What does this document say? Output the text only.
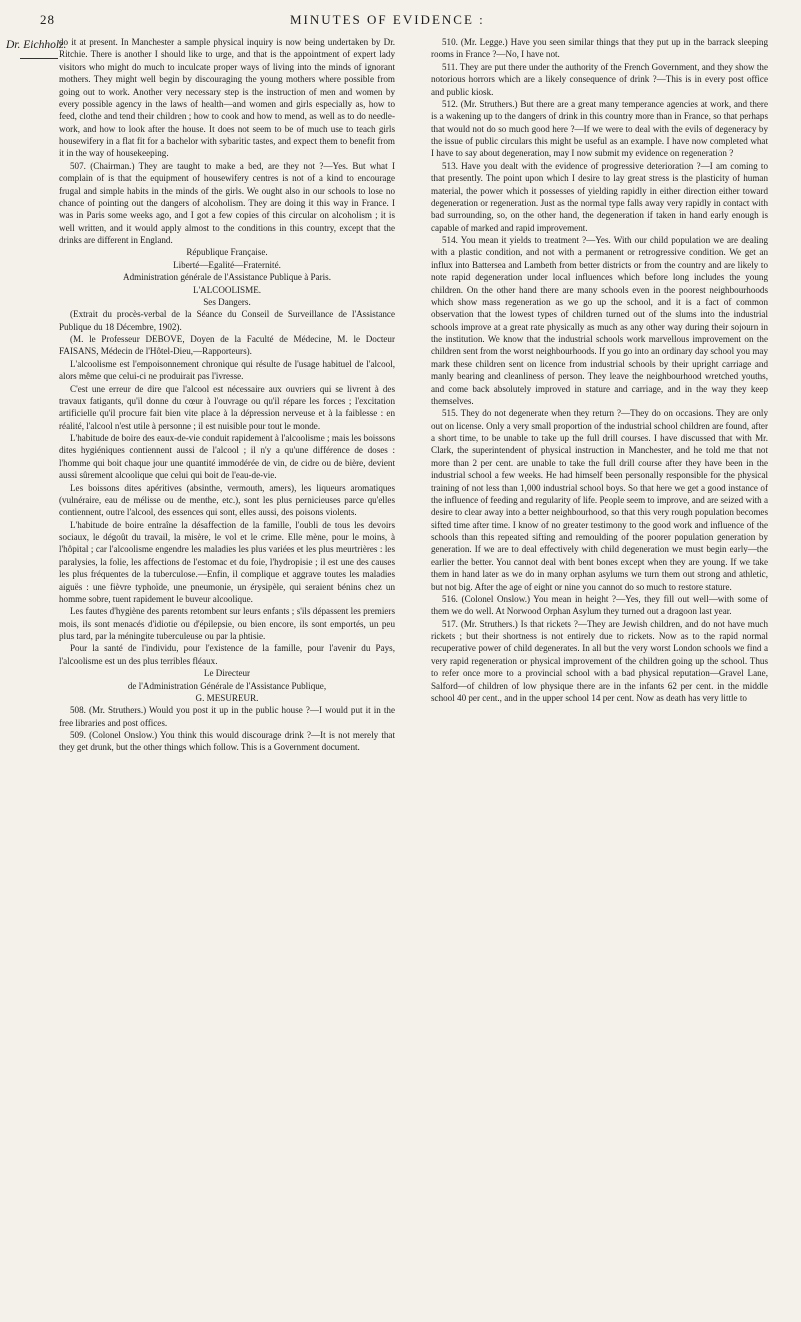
28	MINUTES OF EVIDENCE :
Dr. Eichholz.

do it at present. In Manchester a sample physical inquiry is now being undertaken by Dr. Ritchie. There is another I should like to urge, and that is the appointment of expert lady visitors who might do much to inculcate proper ways of living into the minds of ignorant mothers. They might well begin by discouraging the young mothers where possible from going out to work. Another very necessary step is the instruction of men and women by every possible agency in the laws of health—and women and girls especially as, how to feed, clothe and tend their children ; how to cook and how to mend, as well as to do needle-work, and how to look after the house. It does not seem to be of much use to teach girls housewifery in a flat fit for a bachelor with sybaritic tastes, and expect them to benefit from it in the way of housekeeping.

507. (Chairman.) They are taught to make a bed, are they not ?—Yes. But what I complain of is that the equipment of housewifery centres is not of a kind to encourage frugal and simple habits in the minds of the girls. We ought also in our schools to lose no chance of pointing out the dangers of alcoholism. They are doing it this way in France. I was in Paris some weeks ago, and I got a few copies of this circular on alcoholism ; it is well written, and it would apply almost to the conditions in this country, except that the drinks are different in England.

République Française.

Liberté—Egalité—Fraternité.

Administration générale de l'Assistance Publique à Paris.

L'ALCOOLISME.

Ses Dangers.

(Extrait du procès-verbal de la Séance du Conseil de Surveillance de l'Assistance Publique du 18 Décembre, 1902).

(M. le Professeur DEBOVE, Doyen de la Faculté de Médecine, M. le Docteur FAISANS, Médecin de l'Hôtel-Dieu,—Rapporteurs).

L'alcoolisme est l'empoisonnement chronique qui résulte de l'usage habituel de l'alcool, alors même que celui-ci ne produirait pas l'ivresse.

C'est une erreur de dire que l'alcool est nécessaire aux ouvriers qui se livrent à des travaux fatigants, qu'il donne du cœur à l'ouvrage ou qu'il répare les forces ; l'excitation artificielle qu'il procure fait bien vite place à la dépression nerveuse et à la faiblesse : en réalité, l'alcool n'est utile à personne ; il est nuisible pour tout le monde.

L'habitude de boire des eaux-de-vie conduit rapidement à l'alcoolisme ; mais les boissons dites hygiéniques contiennent aussi de l'alcool ; il n'y a qu'une différence de doses : l'homme qui boit chaque jour une quantité immodérée de vin, de cidre ou de bière, devient aussi sûrement alcoolique que celui qui boit de l'eau-de-vie.

Les boissons dites apéritives (absinthe, vermouth, amers), les liqueurs aromatiques (vulnéraire, eau de mélisse ou de menthe, etc.), sont les plus pernicieuses parce qu'elles contiennent, outre l'alcool, des essences qui sont, elles aussi, des poisons violents.

L'habitude de boire entraîne la désaffection de la famille, l'oubli de tous les devoirs sociaux, le dégoût du travail, la misère, le vol et le crime. Elle mène, pour le moins, à l'hôpital ; car l'alcoolisme engendre les maladies les plus variées et les plus meurtrières : les paralysies, la folie, les affections de l'estomac et du foie, l'hydropisie ; il est une des causes les plus fréquentes de la tuberculose.—Enfin, il complique et aggrave toutes les maladies aiguës : une fièvre typhoïde, une pneumonie, un érysipèle, qui seraient bénins chez un homme sobre, tuent rapidement le buveur alcoolique.

Les fautes d'hygiène des parents retombent sur leurs enfants ; s'ils dépassent les premiers mois, ils sont menacés d'idiotie ou d'épilepsie, ou bien encore, ils sont emportés, un peu plus tard, par la méningite tuberculeuse ou par la phtisie.

Pour la santé de l'individu, pour l'existence de la famille, pour l'avenir du Pays, l'alcoolisme est un des plus terribles fléaux.

Le Directeur

de l'Administration Générale de l'Assistance Publique,

G. MESUREUR.

508. (Mr. Struthers.) Would you post it up in the public house ?—I would put it in the free libraries and post offices.

509. (Colonel Onslow.) You think this would discourage drink ?—It is not merely that they get drunk, but the other things which follow. This is a Government document.

510. (Mr. Legge.) Have you seen similar things that they put up in the barrack sleeping rooms in France ?—No, I have not.

511. They are put there under the authority of the French Government, and they show the notorious horrors which are a likely consequence of drink ?—This is in every post office and public kiosk.

512. (Mr. Struthers.) But there are a great many temperance agencies at work, and there is a wakening up to the dangers of drink in this country more than in France, so that perhaps that would not do so much good here ?—If we were to deal with the evils of degeneracy by the issue of public circulars this might be useful as an example. I have now completed what I have to say about degeneration, may I now submit my evidence on regeneration ?

513. Have you dealt with the evidence of progressive deterioration ?—I am coming to that presently. The point upon which I desire to lay great stress is the plasticity of human material, the power which it possesses of yielding rapidly in either direction either toward degeneration or regeneration. Just as the normal type falls away very rapidly in contact with bad surrounding, so, on the other hand, the degeneration if taken in hand early enough is capable of marked and rapid improvement.

514. You mean it yields to treatment ?—Yes. With our child population we are dealing with a plastic condition, and not with a permanent or retrogressive condition. We get an influx into Battersea and Lambeth from better districts or from the country and are likely to note rapid degeneration under local influences which before long includes the young children. On the other hand there are many schools even in the poorest neighbourhoods which show mass regeneration as we go up the school, and it is a fact of common observation that the lowest types of children turned out of the slums into the industrial schools improve at a great rate physically as much as any other way during their sojourn in the institution. We know that the industrial schools work marvellous improvement on the children sent from the worst neighbourhoods. If you go into an ordinary day school you may mark these children sent on licence from industrial schools by their upright carriage and manly bearing and cleanliness of person. They leave the neighbourhood wretched youths, and come back absolutely improved in stature and carriage, and in the way they keep themselves.

515. They do not degenerate when they return ?—They do on occasions. They are only out on license. Only a very small proportion of the industrial school children are found, after a short time, to be unable to take up the full drill courses. I have discussed that with Mr. Clark, the superintendent of physical instruction in Manchester, and he told me that not more than 2 per cent. are unable to take the full drill course after they have been in the industrial school a few weeks. He had himself been personally responsible for the physical training of not less than 1,000 industrial school boys. So that here we get a good instance of the influence of feeding and regularity of life. People seem to improve, and are seized with a desire to clear away into a better neighbourhood, so that this very rough population becomes sifted time after time. I know of no greater testimony to the good work and influence of the schools than this repeated sifting and remoulding of the poorer population generation by generation. If we are to deal effectively with child degeneration we must begin early—the earlier the better. You cannot deal with bent bones except when they are young. If we take them in hand later as we do in many orphan asylums we turn them out strong and athletic, but not big. After the age of eight or nine you cannot do so much to restore stature.

516. (Colonel Onslow.) You mean in height ?—Yes, they fill out well—with some of them we do well. At Norwood Orphan Asylum they turned out a dragoon last year.

517. (Mr. Struthers.) Is that rickets ?—They are Jewish children, and do not have much rickets ; but their shortness is not entirely due to rickets. Now as to the rapid normal recuperative power of child degenerates. In all but the very worst London schools we find a very rapid regeneration or physical improvement of the children going up the school. Thus to refer once more to a provincial school with a bad physical reputation—Gravel Lane, Salford—of children of low physique there are in the infants 62 per cent. in the middle school 40 per cent., and in the upper school 14 per cent. Now as death has very little to
